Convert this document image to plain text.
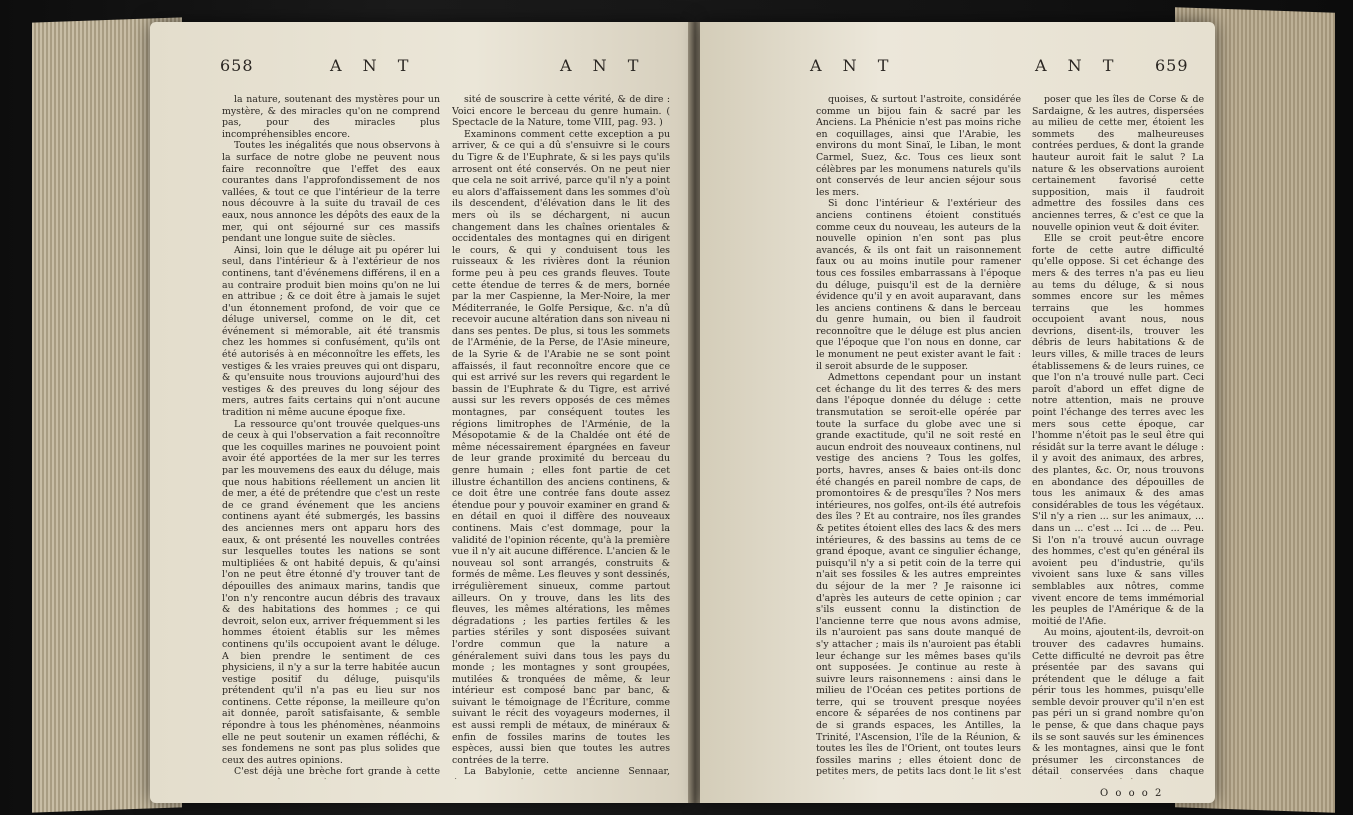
658	A N T	A N T

la nature, soutenant des mystères pour un mystère, & des miracles qu'on ne comprend pas, pour des miracles plus incompréhensibles encore.

Toutes les inégalités que nous observons à la surface de notre globe ne peuvent nous faire reconnoître que l'effet des eaux courantes dans l'approfondissement de nos vallées, & tout ce que l'intérieur de la terre nous découvre à la suite du travail de ces eaux, nous annonce les dépôts des eaux de la mer, qui ont séjourné sur ces massifs pendant une longue suite de siècles.

Ainsi, loin que le déluge ait pu opérer lui seul, dans l'intérieur & à l'extérieur de nos continens, tant d'événemens différens, il en a au contraire produit bien moins qu'on ne lui en attribue ; & ce doit être à jamais le sujet d'un étonnement profond, de voir que ce déluge universel, comme on le dit, cet événement si mémorable, ait été transmis chez les hommes si confusément, qu'ils ont été autorisés à en méconnoître les effets, les vestiges & les vraies preuves qui ont disparu, & qu'ensuite nous trouvions aujourd'hui des vestiges & des preuves du long séjour des mers, autres faits certains qui n'ont aucune tradition ni même aucune époque fixe.

La ressource qu'ont trouvée quelques-uns de ceux à qui l'observation a fait reconnoître que les coquilles marines ne pouvoient point avoir été apportées de la mer sur les terres par les mouvemens des eaux du déluge, mais que nous habitions réellement un ancien lit de mer, a été de prétendre que c'est un reste de ce grand événement que les anciens continens ayant été submergés, les bassins des anciennes mers ont apparu hors des eaux, & ont présenté les nouvelles contrées sur lesquelles toutes les nations se sont multipliées & ont habité depuis, & qu'ainsi l'on ne peut être étonné d'y trouver tant de dépouilles des animaux marins, tandis que l'on n'y rencontre aucun débris des travaux & des habitations des hommes ; ce qui devroit, selon eux, arriver fréquemment si les hommes étoient établis sur les mêmes continens qu'ils occupoient avant le déluge. A bien prendre le sentiment de ces physiciens, il n'y a sur la terre habitée aucun vestige positif du déluge, puisqu'ils prétendent qu'il n'a pas eu lieu sur nos continens. Cette réponse, la meilleure qu'on ait donnée, paroît satisfaisante, & semble répondre à tous les phénomènes, néanmoins elle ne peut soutenir un examen réfléchi, & ses fondemens ne sont pas plus solides que ceux des autres opinions.

C'est déjà une brèche fort grande à cette

sité de souscrire à cette vérité, & de dire : Voici encore le berceau du genre humain. ( Spectacle de la Nature, tome VIII, pag. 93. )

Examinons comment cette exception a pu arriver, & ce qui a dû s'ensuivre si le cours du Tigre & de l'Euphrate, & si les pays qu'ils arrosent ont été conservés. On ne peut nier que cela ne soit arrivé, parce qu'il n'y a point eu alors d'affaissement dans les sommes d'où ils descendent, d'élévation dans le lit des mers où ils se déchargent, ni aucun changement dans les chaînes orientales & occidentales des montagnes qui en dirigent le cours, & qui y conduisent tous les ruisseaux & les rivières dont la réunion forme peu à peu ces grands fleuves. Toute cette étendue de terres & de mers, bornée par la mer Caspienne, la Mer-Noire, la mer Méditerranée, le Golfe Persique, &c. n'a dû recevoir aucune altération dans son niveau ni dans ses pentes. De plus, si tous les sommets de l'Arménie, de la Perse, de l'Asie mineure, de la Syrie & de l'Arabie ne se sont point affaissés, il faut reconnoître encore que ce qui est arrivé sur les revers qui regardent le bassin de l'Euphrate & du Tigre, est arrivé aussi sur les revers opposés de ces mêmes montagnes, par conséquent toutes les régions limitrophes de l'Arménie, de la Mésopotamie & de la Chaldée ont été de même nécessairement épargnées en faveur de leur grande proximité du berceau du genre humain ; elles font partie de cet illustre échantillon des anciens continens, & ce doit être une contrée fans doute assez étendue pour y pouvoir examiner en grand & en détail en quoi il diffère des nouveaux continens. Mais c'est dommage, pour la validité de l'opinion récente, qu'à la première vue il n'y ait aucune différence. L'ancien & le nouveau sol sont arrangés, construits & formés de même. Les fleuves y sont dessinés, irrégulièrement sinueux, comme partout ailleurs. On y trouve, dans les lits des fleuves, les mêmes altérations, les mêmes dégradations ; les parties fertiles & les parties stériles y sont disposées suivant l'ordre commun que la nature a généralement suivi dans tous les pays du monde ; les montagnes y sont groupées, mutilées & tronquées de même, & leur intérieur est composé banc par banc, & suivant le témoignage de l'Écriture, comme suivant le récit des voyageurs modernes, il est aussi rempli de métaux, de minéraux & enfin de fossiles marins de toutes les espèces, aussi bien que toutes les autres contrées de la terre.

La Babylonie, cette ancienne Sennaar,

A N T	A N T 659

quoises, & surtout l'astroite, considérée comme un bijou fain & sacré par les Anciens. La Phénicie n'est pas moins riche en coquillages, ainsi que l'Arabie, les environs du mont Sinaï, le Liban, le mont Carmel, Suez, &c. Tous ces lieux sont célèbres par les monumens naturels qu'ils ont conservés de leur ancien séjour sous les mers.

Si donc l'intérieur & l'extérieur des anciens continens étoient constitués comme ceux du nouveau, les auteurs de la nouvelle opinion n'en sont pas plus avancés, & ils ont fait un raisonnement faux ou au moins inutile pour ramener tous ces fossiles embarrassans à l'époque du déluge, puisqu'il est de la dernière évidence qu'il y en avoit auparavant, dans les anciens continens & dans le berceau du genre humain, ou bien il faudroit reconnoître que le déluge est plus ancien que l'époque que l'on nous en donne, car le monument ne peut exister avant le fait : il seroit absurde de le supposer.

Admettons cependant pour un instant cet échange du lit des terres & des mers dans l'époque donnée du déluge : cette transmutation se seroit-elle opérée par toute la surface du globe avec une si grande exactitude, qu'il ne soit resté en aucun endroit des nouveaux continens, nul vestige des anciens ? Tous les golfes, ports, havres, anses & baies ont-ils donc été changés en pareil nombre de caps, de promontoires & de presqu'îles ? Nos mers intérieures, nos golfes, ont-ils été autrefois des îles ? Et au contraire, nos îles grandes & petites étoient elles des lacs & des mers intérieures, & des bassins au tems de ce grand époque, avant ce singulier échange, puisqu'il n'y a si petit coin de la terre qui n'ait ses fossiles & les autres empreintes du séjour de la mer ? Je raisonne ici d'après les auteurs de cette opinion ; car s'ils eussent connu la distinction de l'ancienne terre que nous avons admise, ils n'auroient pas sans doute manqué de s'y attacher ; mais ils n'auroient pas établi leur échange sur les mêmes bases qu'ils ont supposées. Je continue au reste à suivre leurs raisonnemens : ainsi dans le milieu de l'Océan ces petites portions de terre, qui se trouvent presque noyées encore & séparées de nos continens par de si grands espaces, les Antilles, la Trinité, l'Ascension, l'île de la Réunion, & toutes les îles de l'Orient, ont toutes leurs fossiles marins ; elles étoient donc de petites mers, de petits lacs dont le lit s'est

poser que les îles de Corse & de Sardaigne, & les autres, dispersées au milieu de cette mer, étoient les sommets des malheureuses contrées perdues, & dont la grande hauteur auroit fait le salut ? La nature & les observations auroient certainement favorisé cette supposition, mais il faudroit admettre des fossiles dans ces anciennes terres, & c'est ce que la nouvelle opinion veut & doit éviter.

Elle se croit peut-être encore forte de cette autre difficulté qu'elle oppose. Si cet échange des mers & des terres n'a pas eu lieu au tems du déluge, & si nous sommes encore sur les mêmes terrains que les hommes occupoient avant nous, nous devrions, disent-ils, trouver les débris de leurs habitations & de leurs villes, & mille traces de leurs établissemens & de leurs ruines, ce que l'on n'a trouvé nulle part. Ceci paroît d'abord un effet digne de notre attention, mais ne prouve point l'échange des terres avec les mers sous cette époque, car l'homme n'étoit pas le seul être qui résidât sur la terre avant le déluge : il y avoit des animaux, des arbres, des plantes, &c. Or, nous trouvons en abondance des dépouilles de tous les animaux & des amas considérables de tous les végétaux. S'il n'y a rien ... sur les animaux, ... dans un ... c'est ... Ici ... de ... Peu. Si l'on n'a trouvé aucun ouvrage des hommes, c'est qu'en général ils avoient peu d'industrie, qu'ils vivoient sans luxe & sans villes semblables aux nôtres, comme vivent encore de tems immémorial les peuples de l'Amérique & de la moitié de l'Afie.

Au moins, ajoutent-ils, devroit-on trouver des cadavres humains. Cette difficulté ne devroit pas être présentée par des savans qui prétendent que le déluge a fait périr tous les hommes, puisqu'elle semble devoir prouver qu'il n'en est pas péri un si grand nombre qu'on le pense, & que dans chaque pays ils se sont sauvés sur les éminences & les montagnes, ainsi que le font présumer les circonstances de détail conservées dans chaque

O o o o 2
